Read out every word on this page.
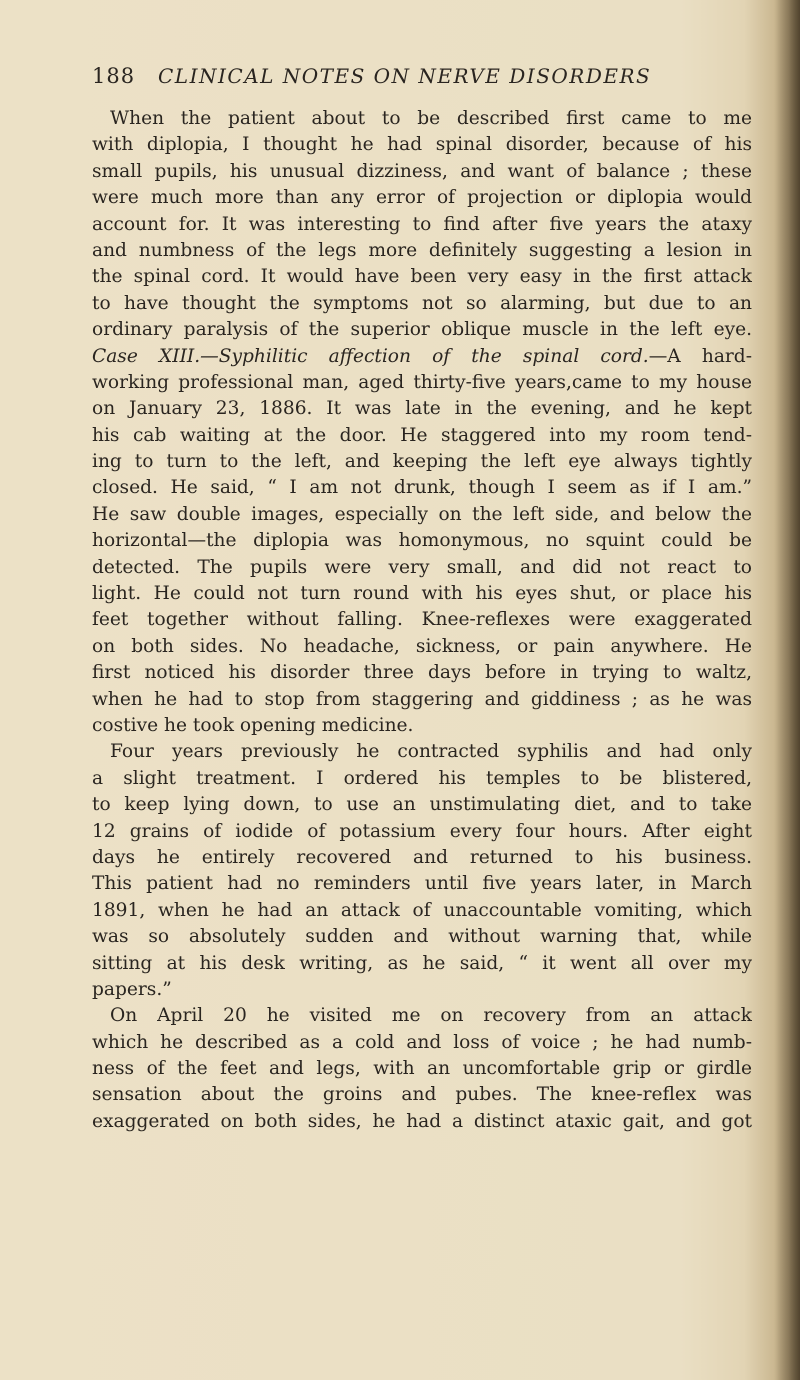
188 CLINICAL NOTES ON NERVE DISORDERS
When the patient about to be described first came to me
with diplopia, I thought he had spinal disorder, because of his
small pupils, his unusual dizziness, and want of balance ; these
were much more than any error of projection or diplopia would
account for. It was interesting to find after five years the ataxy
and numbness of the legs more definitely suggesting a lesion in
the spinal cord. It would have been very easy in the first attack
to have thought the symptoms not so alarming, but due to an
ordinary paralysis of the superior oblique muscle in the left eye.
Case XIII.—Syphilitic affection of the spinal cord.—A hard-
working professional man, aged thirty-five years,came to my house
on January 23, 1886. It was late in the evening, and he kept
his cab waiting at the door. He staggered into my room tend-
ing to turn to the left, and keeping the left eye always tightly
closed. He said, “ I am not drunk, though I seem as if I am.”
He saw double images, especially on the left side, and below the
horizontal—the diplopia was homonymous, no squint could be
detected. The pupils were very small, and did not react to
light. He could not turn round with his eyes shut, or place his
feet together without falling. Knee-reflexes were exaggerated
on both sides. No headache, sickness, or pain anywhere. He
first noticed his disorder three days before in trying to waltz,
when he had to stop from staggering and giddiness ; as he was
costive he took opening medicine.
Four years previously he contracted syphilis and had only
a slight treatment. I ordered his temples to be blistered,
to keep lying down, to use an unstimulating diet, and to take
12 grains of iodide of potassium every four hours. After eight
days he entirely recovered and returned to his business.
This patient had no reminders until five years later, in March
1891, when he had an attack of unaccountable vomiting, which
was so absolutely sudden and without warning that, while
sitting at his desk writing, as he said, “ it went all over my
papers.”
On April 20 he visited me on recovery from an attack
which he described as a cold and loss of voice ; he had numb-
ness of the feet and legs, with an uncomfortable grip or girdle
sensation about the groins and pubes. The knee-reflex was
exaggerated on both sides, he had a distinct ataxic gait, and got
